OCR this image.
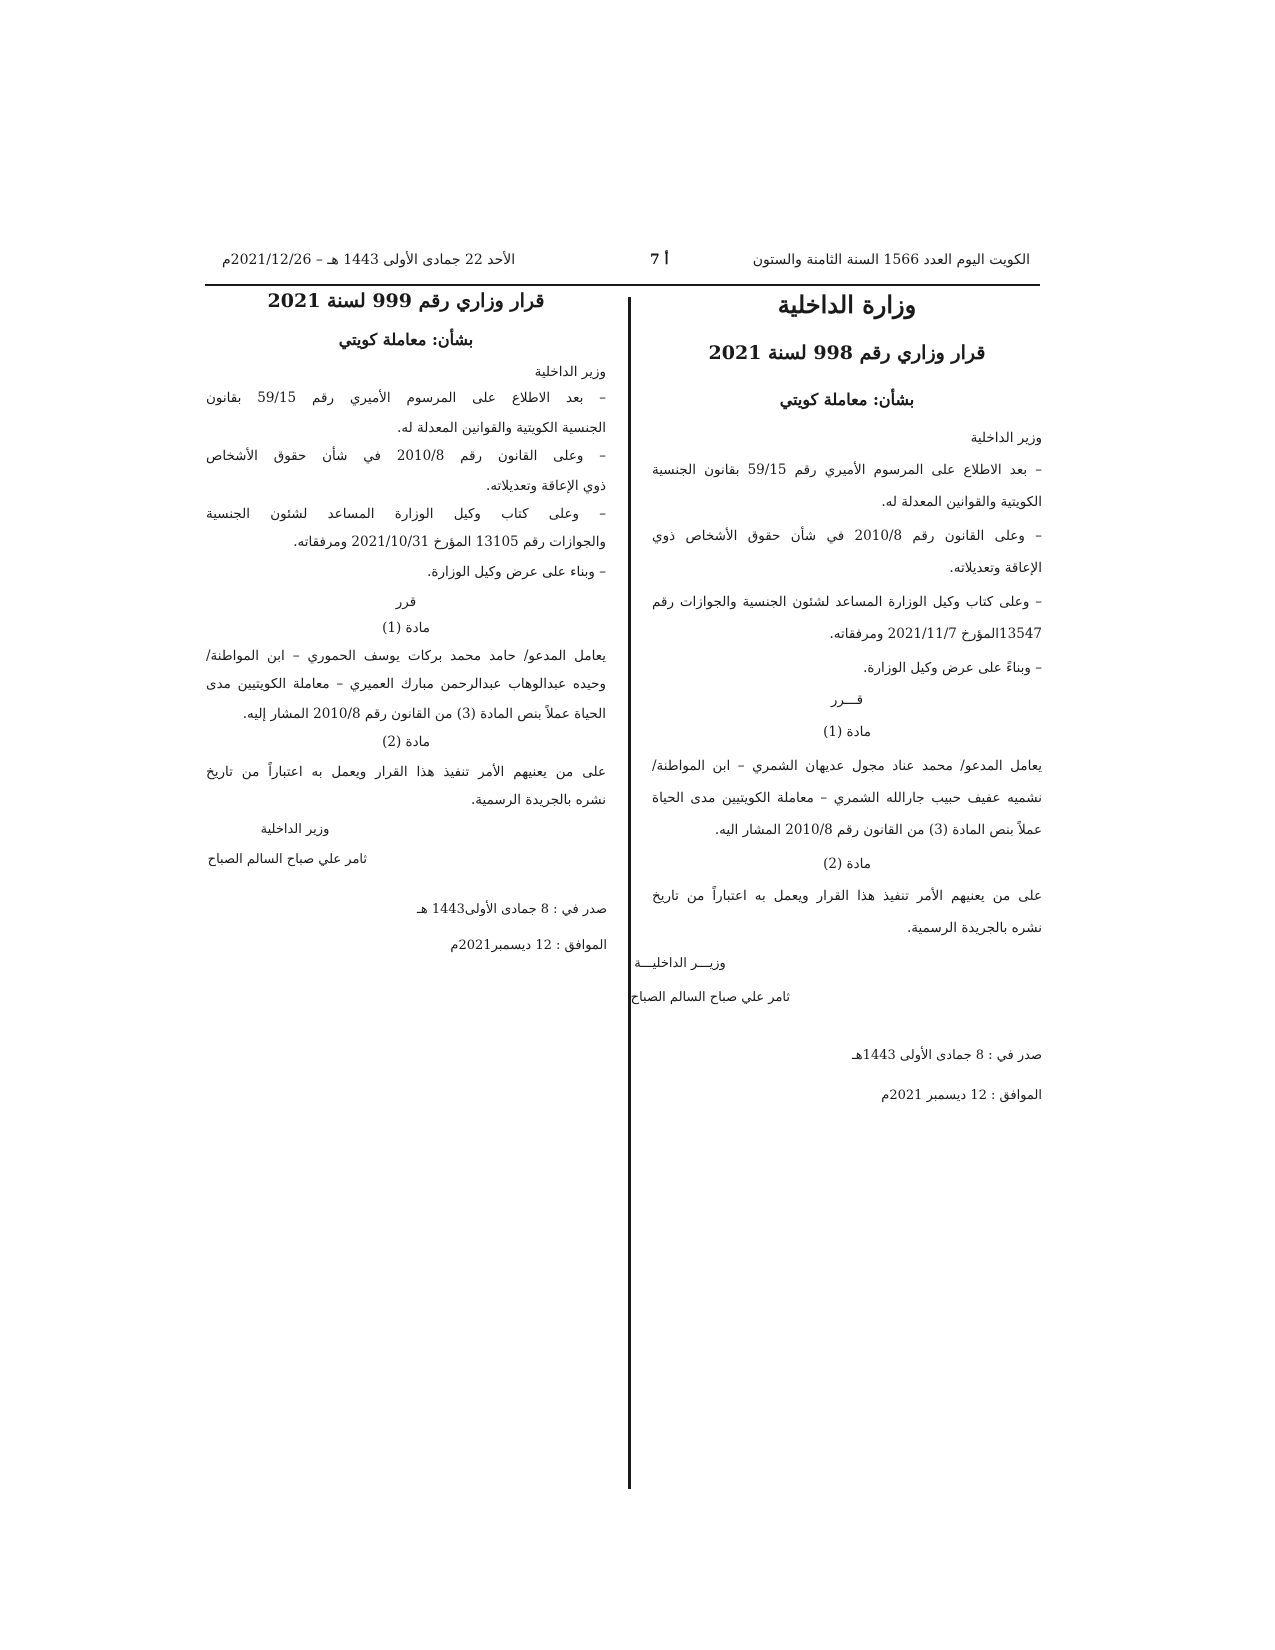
الأحد 22 جمادى الأولى 1443 هـ – 2021/12/26م	أ 7	الكويت اليوم العدد 1566 السنة الثامنة والستون
وزارة الداخلية
قرار وزاري رقم 998 لسنة 2021
بشأن: معاملة كويتي
وزير الداخلية
– بعد الاطلاع على المرسوم الأميري رقم 59/15 بقانون الجنسية
الكويتية والقوانين المعدلة له.
– وعلى القانون رقم 2010/8 في شأن حقوق الأشخاص ذوي
الإعاقة وتعديلاته.
– وعلى كتاب وكيل الوزارة المساعد لشئون الجنسية والجوازات رقم
13547المؤرخ 2021/11/7 ومرفقاته.
– وبناءً على عرض وكيل الوزارة.
قـــرر
مادة (1)
يعامل المدعو/ محمد عناد مجول عديهان الشمري – ابن المواطنة/
نشميه عفيف حبيب جارالله الشمري – معاملة الكويتيين مدى الحياة
عملاً بنص المادة (3) من القانون رقم 2010/8 المشار اليه.
مادة (2)
على من يعنيهم الأمر تنفيذ هذا القرار ويعمل به اعتباراً من تاريخ
نشره بالجريدة الرسمية.
وزيـــر الداخليـــة
ثامر علي صباح السالم الصباح
صدر في : 8 جمادى الأولى 1443هـ
الموافق : 12 ديسمبر 2021م
قرار وزاري رقم 999 لسنة 2021
بشأن: معاملة كويتي
وزير الداخلية
– بعد الاطلاع على المرسوم الأميري رقم 59/15 بقانون
الجنسية الكويتية والقوانين المعدلة له.
– وعلى القانون رقم 2010/8 في شأن حقوق الأشخاص
ذوي الإعاقة وتعديلاته.
– وعلى كتاب وكيل الوزارة المساعد لشئون الجنسية
والجوازات رقم 13105 المؤرخ 2021/10/31 ومرفقاته.
– وبناء على عرض وكيل الوزارة.
قرر
مادة (1)
يعامل المدعو/ حامد محمد بركات يوسف الحموري – ابن المواطنة/
وحيده عبدالوهاب عبدالرحمن مبارك العميري – معاملة الكويتيين مدى
الحياة عملاً بنص المادة (3) من القانون رقم 2010/8 المشار إليه.
مادة (2)
على من يعنيهم الأمر تنفيذ هذا القرار ويعمل به اعتباراً من تاريخ
نشره بالجريدة الرسمية.
وزير الداخلية
ثامر علي صباح السالم الصباح
صدر في : 8 جمادى الأولى1443 هـ
الموافق : 12 ديسمبر2021م
